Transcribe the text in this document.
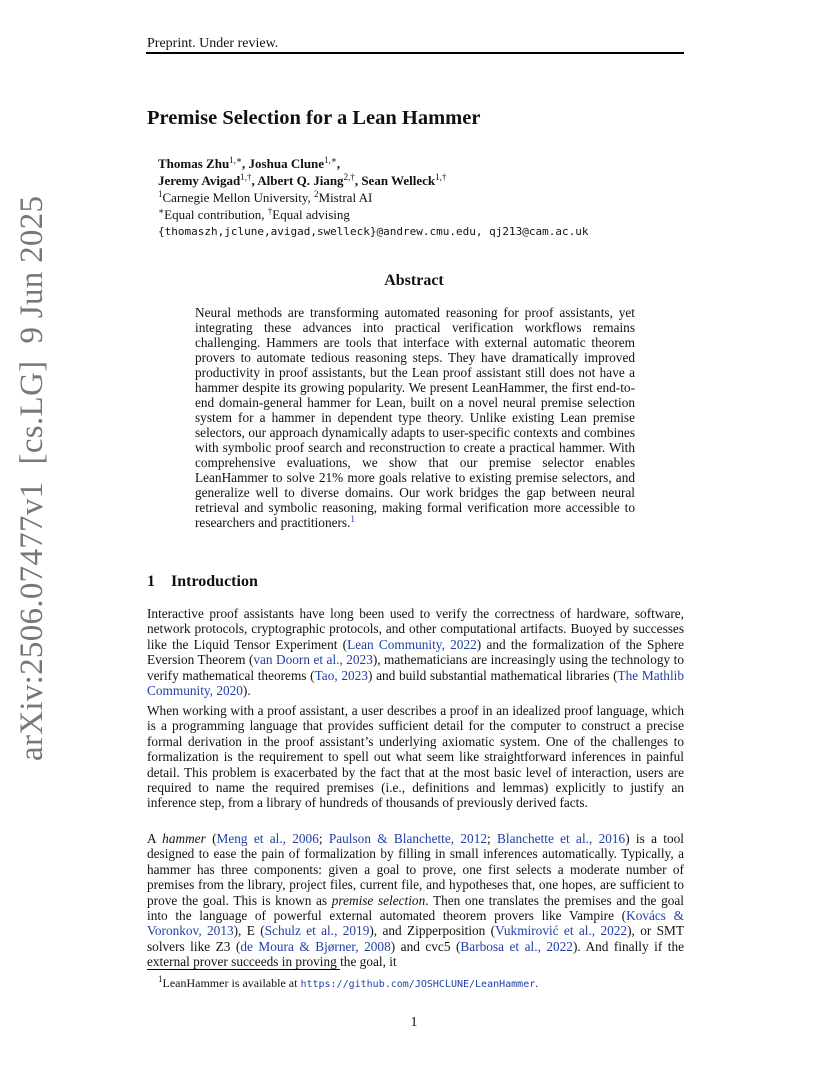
Preprint. Under review.
arXiv:2506.07477v1  [cs.LG]  9 Jun 2025
Premise Selection for a Lean Hammer
Thomas Zhu$^{1,∗}$, Joshua Clune$^{1,∗}$,
Jeremy Avigad$^{1,\dagger}$, Albert Q. Jiang$^{2,\dagger}$, Sean Welleck$^{1,\dagger}$
$^1$Carnegie Mellon University, $^2$Mistral AI
∗Equal contribution, †Equal advising
{thomaszh,jclune,avigad,swelleck}@andrew.cmu.edu, qj213@cam.ac.uk
Abstract
Neural methods are transforming automated reasoning for proof assistants, yet integrating these advances into practical verification workflows remains challenging. Hammers are tools that interface with external automatic theorem provers to automate tedious reasoning steps. They have dramatically improved productivity in proof assistants, but the Lean proof assistant still does not have a hammer despite its growing popularity. We present LeanHammer, the first end-to-end domain-general hammer for Lean, built on a novel neural premise selection system for a hammer in dependent type theory. Unlike existing Lean premise selectors, our approach dynamically adapts to user-specific contexts and combines with symbolic proof search and reconstruction to create a practical hammer. With comprehensive evaluations, we show that our premise selector enables LeanHammer to solve 21% more goals relative to existing premise selectors, and generalize well to diverse domains. Our work bridges the gap between neural retrieval and symbolic reasoning, making formal verification more accessible to researchers and practitioners.$^1$
1 Introduction
Interactive proof assistants have long been used to verify the correctness of hardware, software, network protocols, cryptographic protocols, and other computational artifacts. Buoyed by successes like the Liquid Tensor Experiment (Lean Community, 2022) and the formalization of the Sphere Eversion Theorem (van Doorn et al., 2023), mathematicians are increasingly using the technology to verify mathematical theorems (Tao, 2023) and build substantial mathematical libraries (The Mathlib Community, 2020).
When working with a proof assistant, a user describes a proof in an idealized proof language, which is a programming language that provides sufficient detail for the computer to construct a precise formal derivation in the proof assistant’s underlying axiomatic system. One of the challenges to formalization is the requirement to spell out what seem like straightforward inferences in painful detail. This problem is exacerbated by the fact that at the most basic level of interaction, users are required to name the required premises (i.e., definitions and lemmas) explicitly to justify an inference step, from a library of hundreds of thousands of previously derived facts.
A hammer (Meng et al., 2006; Paulson & Blanchette, 2012; Blanchette et al., 2016) is a tool designed to ease the pain of formalization by filling in small inferences automatically. Typically, a hammer has three components: given a goal to prove, one first selects a moderate number of premises from the library, project files, current file, and hypotheses that, one hopes, are sufficient to prove the goal. This is known as premise selection. Then one translates the premises and the goal into the language of powerful external automated theorem provers like Vampire (Kovács & Voronkov, 2013), E (Schulz et al., 2019), and Zipperposition (Vukmirović et al., 2022), or SMT solvers like Z3 (de Moura & Bjørner, 2008) and cvc5 (Barbosa et al., 2022). And finally if the external prover succeeds in proving the goal, it
$^1$LeanHammer is available at https://github.com/JOSHCLUNE/LeanHammer.
1
